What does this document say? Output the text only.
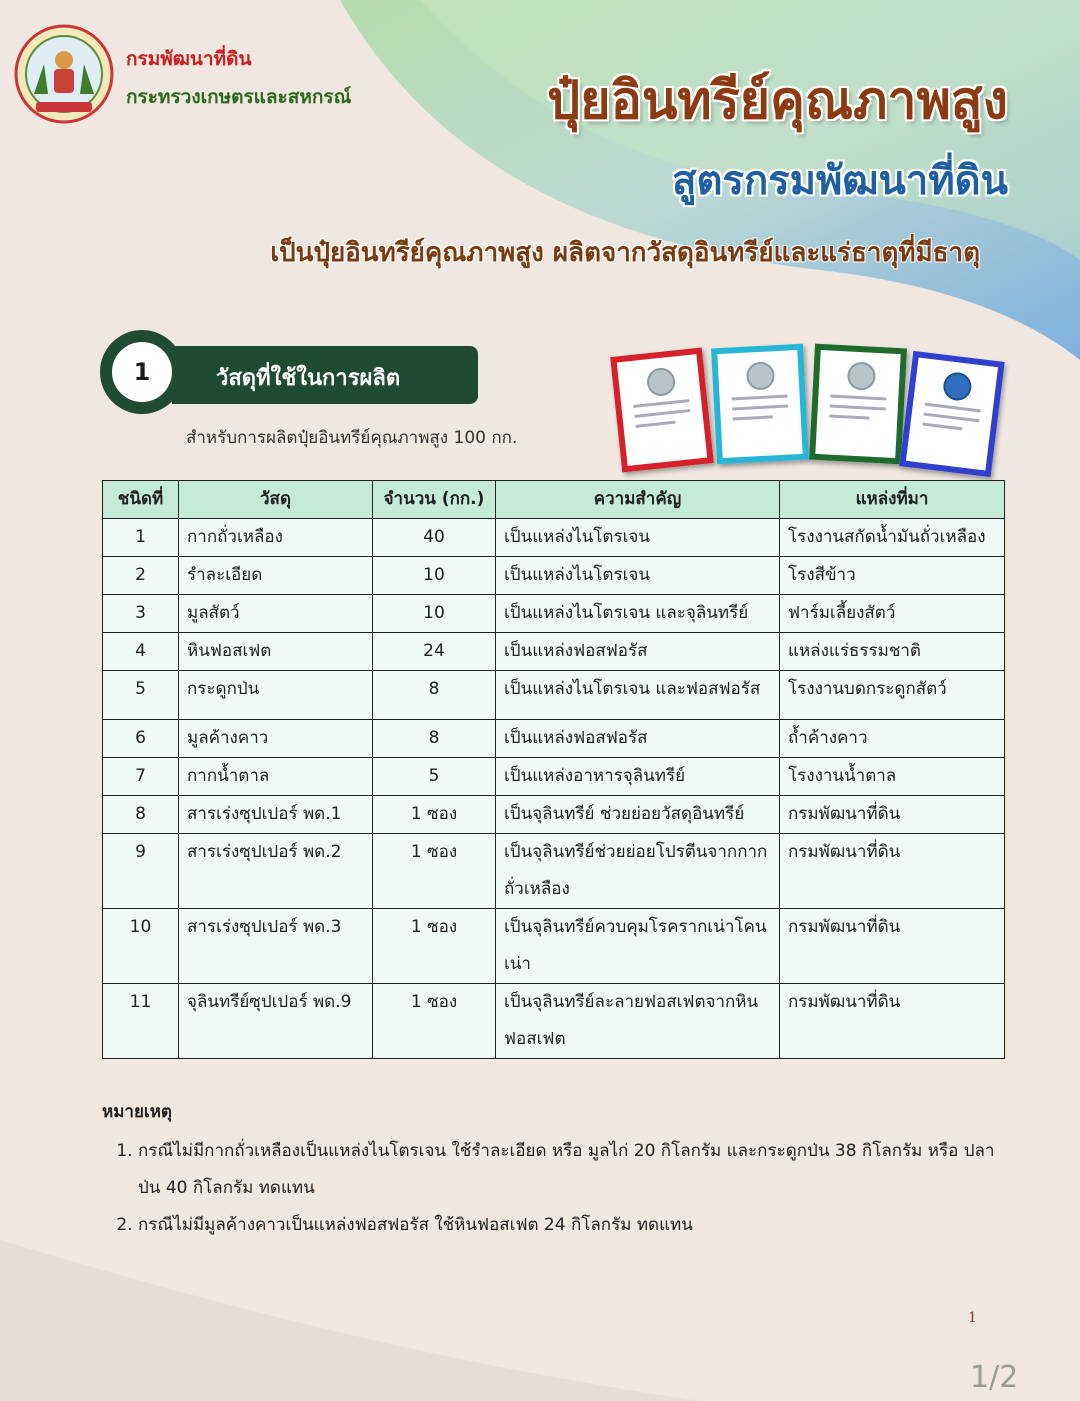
กรมพัฒนาที่ดิน
กระทรวงเกษตรและสหกรณ์	ปุ๋ยอินทรีย์คุณภาพสูง
สูตรกรมพัฒนาที่ดิน
เป็นปุ๋ยอินทรีย์คุณภาพสูง ผลิตจากวัสดุอินทรีย์และแร่ธาตุที่มีธาตุ
วัสดุที่ใช้ในการผลิต
1
สำหรับการผลิตปุ๋ยอินทรีย์คุณภาพสูง 100 กก.
ชนิดที่	วัสดุ	จำนวน (กก.)	ความสำคัญ	แหล่งที่มา
1	กากถั่วเหลือง	40	เป็นแหล่งไนโตรเจน	โรงงานสกัดน้ำมันถั่วเหลือง
2	รำละเอียด	10	เป็นแหล่งไนโตรเจน	โรงสีข้าว
3	มูลสัตว์	10	เป็นแหล่งไนโตรเจน และจุลินทรีย์	ฟาร์มเลี้ยงสัตว์
4	หินฟอสเฟต	24	เป็นแหล่งฟอสฟอรัส	แหล่งแร่ธรรมชาติ
5	กระดูกป่น	8	เป็นแหล่งไนโตรเจน และฟอสฟอรัส	โรงงานบดกระดูกสัตว์
6	มูลค้างคาว	8	เป็นแหล่งฟอสฟอรัส	ถ้ำค้างคาว
7	กากน้ำตาล	5	เป็นแหล่งอาหารจุลินทรีย์	โรงงานน้ำตาล
8	สารเร่งซุปเปอร์ พด.1	1 ซอง	เป็นจุลินทรีย์ ช่วยย่อยวัสดุอินทรีย์	กรมพัฒนาที่ดิน
9	สารเร่งซุปเปอร์ พด.2	1 ซอง	เป็นจุลินทรีย์ช่วยย่อยโปรตีนจากกากถั่วเหลือง	กรมพัฒนาที่ดิน
10	สารเร่งซุปเปอร์ พด.3	1 ซอง	เป็นจุลินทรีย์ควบคุมโรครากเน่าโคนเน่า	กรมพัฒนาที่ดิน
11	จุลินทรีย์ซุปเปอร์ พด.9	1 ซอง	เป็นจุลินทรีย์ละลายฟอสเฟตจากหินฟอสเฟต	กรมพัฒนาที่ดิน
หมายเหตุ
1. กรณีไม่มีกากถั่วเหลืองเป็นแหล่งไนโตรเจน ใช้รำละเอียด หรือ มูลไก่ 20 กิโลกรัม และกระดูกป่น 38 กิโลกรัม หรือ ปลาป่น 40 กิโลกรัม ทดแทน
2. กรณีไม่มีมูลค้างคาวเป็นแหล่งฟอสฟอรัส ใช้หินฟอสเฟต 24 กิโลกรัม ทดแทน
1
1/2
